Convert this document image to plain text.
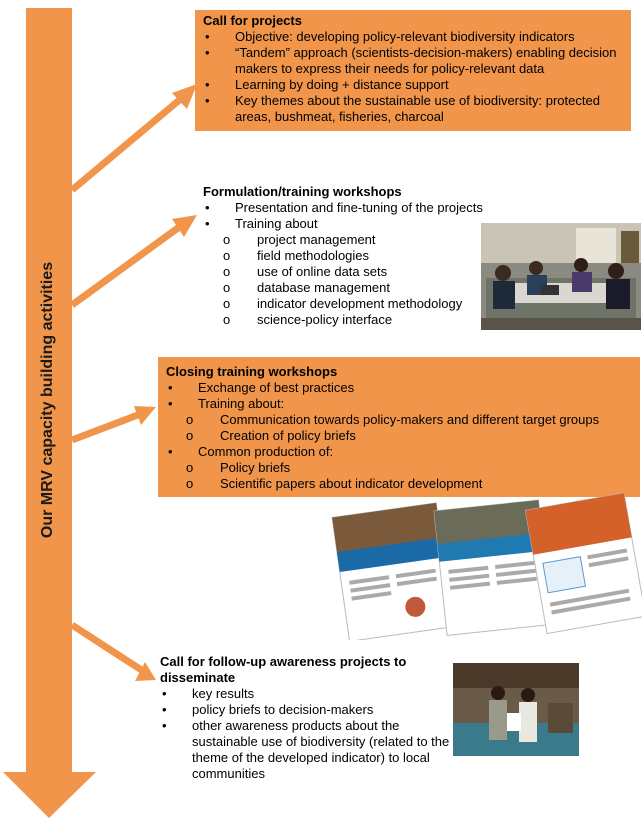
Our MRV capacity building activities
Call for projects
• Objective: developing policy-relevant biodiversity indicators
• “Tandem” approach (scientists-decision-makers) enabling decision makers to express their needs for policy-relevant data
• Learning by doing + distance support
• Key themes about the sustainable use of biodiversity: protected areas, bushmeat, fisheries, charcoal
Formulation/training workshops
• Presentation and fine-tuning of the projects
• Training about
o project management
o field methodologies
o use of online data sets
o database management
o indicator development methodology
o science-policy interface
Closing training workshops
• Exchange of best practices
• Training about:
o Communication towards policy-makers and different target groups
o Creation of policy briefs
• Common production of:
o Policy briefs
o Scientific papers about indicator development
Call for follow-up awareness projects to disseminate
• key results
• policy briefs to decision-makers
• other awareness products about the sustainable use of biodiversity (related to the theme of the developed indicator) to local communities
